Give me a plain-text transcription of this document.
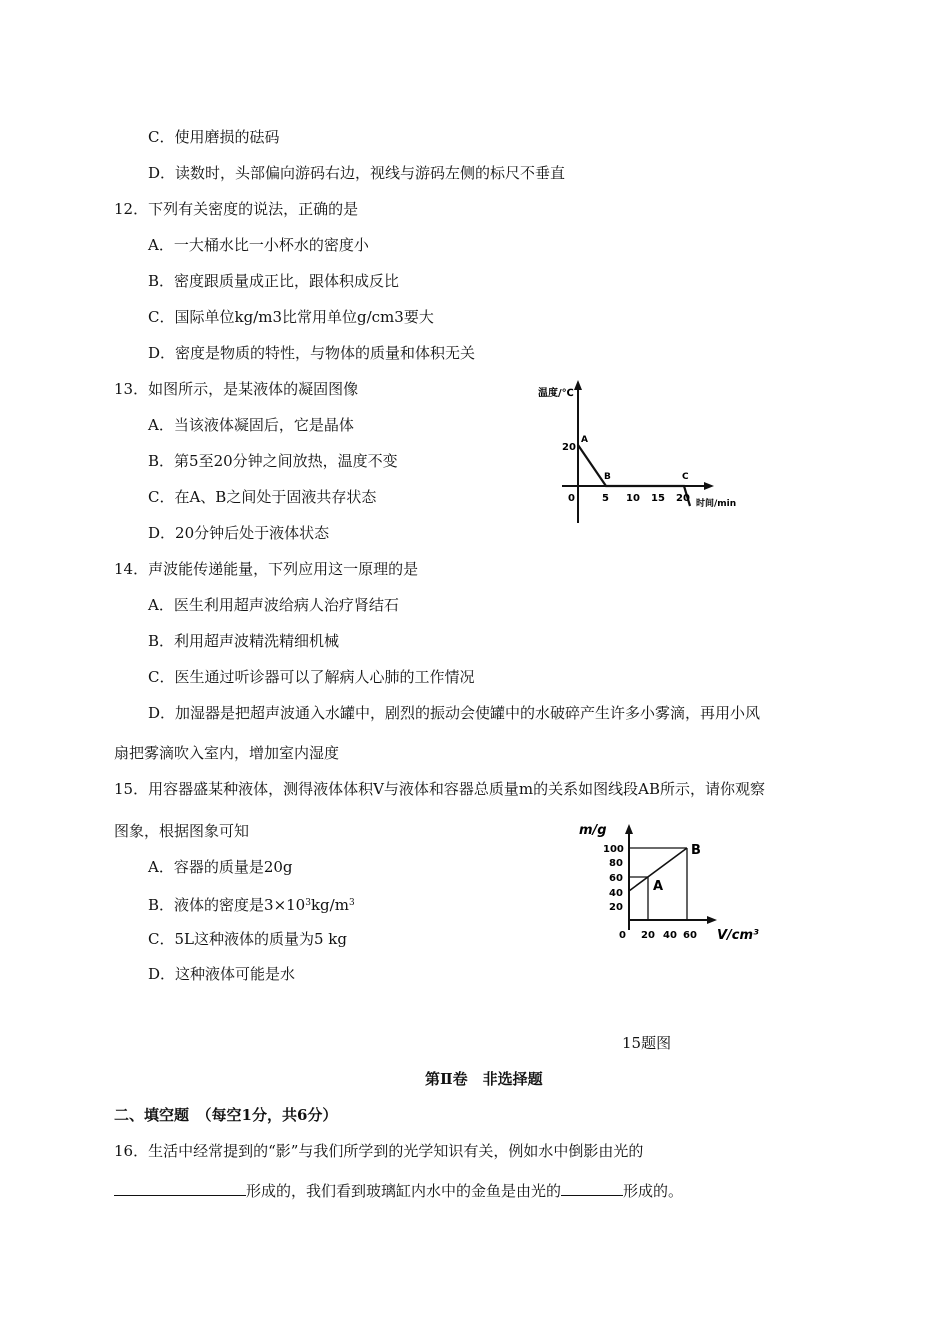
C．使用磨损的砝码
D．读数时，头部偏向游码右边，视线与游码左侧的标尺不垂直
12．下列有关密度的说法，正确的是
A．一大桶水比一小杯水的密度小
B．密度跟质量成正比，跟体积成反比
C．国际单位kg/m3比常用单位g/cm3要大
D．密度是物质的特性，与物体的质量和体积无关
13．如图所示，是某液体的凝固图像
A．当该液体凝固后，它是晶体
B．第5至20分钟之间放热，温度不变
C．在A、B之间处于固液共存状态
D．20分钟后处于液体状态
温度/℃
20
A
B	C
0	5 10 15 20 时间/min
14．声波能传递能量，下列应用这一原理的是
A．医生利用超声波给病人治疗肾结石
B．利用超声波精洗精细机械
C．医生通过听诊器可以了解病人心肺的工作情况
D．加湿器是把超声波通入水罐中，剧烈的振动会使罐中的水破碎产生许多小雾滴，再用小风
扇把雾滴吹入室内，增加室内湿度
15．用容器盛某种液体，测得液体体积V与液体和容器总质量m的关系如图线段AB所示，请你观察
图象，根据图象可知
A．容器的质量是20g
B．液体的密度是$3\times 10^3kg/m^3$
C．5L这种液体的质量为5 kg
D．这种液体可能是水
m/g
100
80
60
40
20
A
B
0 20 40 60 V/cm³
15题图
第Ⅱ卷　非选择题
二、填空题　（每空1分，共6分）
16．生活中经常提到的“影”与我们所学到的光学知识有关，例如水中倒影由光的
形成的，我们看到玻璃缸内水中的金鱼是由光的	形成的。
